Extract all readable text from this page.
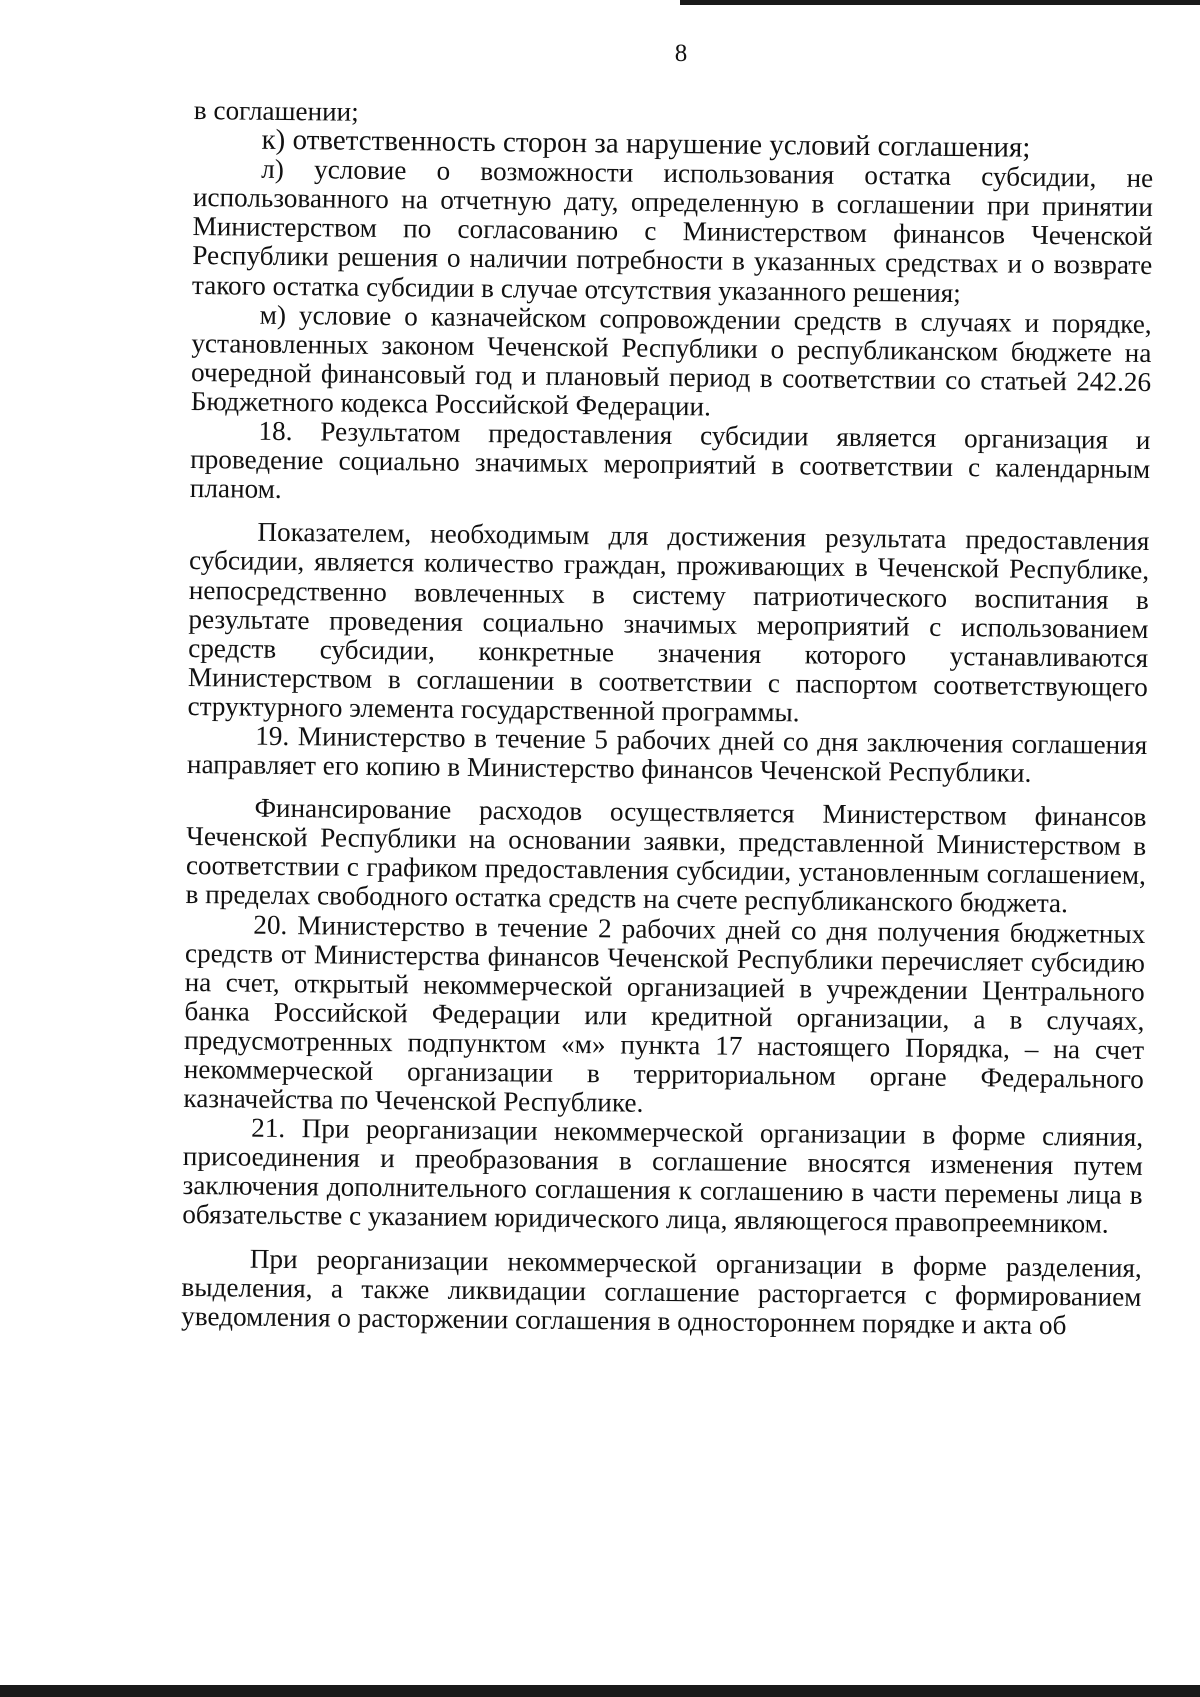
8

в соглашении;

к) ответственность сторон за нарушение условий соглашения;

л) условие о возможности использования остатка субсидии, не использованного на отчетную дату, определенную в соглашении при принятии Министерством по согласованию с Министерством финансов Чеченской Республики решения о наличии потребности в указанных средствах и о возврате такого остатка субсидии в случае отсутствия указанного решения;

м) условие о казначейском сопровождении средств в случаях и порядке, установленных законом Чеченской Республики о республиканском бюджете на очередной финансовый год и плановый период в соответствии со статьей 242.26 Бюджетного кодекса Российской Федерации.

18. Результатом предоставления субсидии является организация и проведение социально значимых мероприятий в соответствии с календарным планом.

Показателем, необходимым для достижения результата предоставления субсидии, является количество граждан, проживающих в Чеченской Республике, непосредственно вовлеченных в систему патриотического воспитания в результате проведения социально значимых мероприятий с использованием средств субсидии, конкретные значения которого устанавливаются Министерством в соглашении в соответствии с паспортом соответствующего структурного элемента государственной программы.

19. Министерство в течение 5 рабочих дней со дня заключения соглашения направляет его копию в Министерство финансов Чеченской Республики.

Финансирование расходов осуществляется Министерством финансов Чеченской Республики на основании заявки, представленной Министерством в соответствии с графиком предоставления субсидии, установленным соглашением, в пределах свободного остатка средств на счете республиканского бюджета.

20. Министерство в течение 2 рабочих дней со дня получения бюджетных средств от Министерства финансов Чеченской Республики перечисляет субсидию на счет, открытый некоммерческой организацией в учреждении Центрального банка Российской Федерации или кредитной организации, а в случаях, предусмотренных подпунктом «м» пункта 17 настоящего Порядка, – на счет некоммерческой организации в территориальном органе Федерального казначейства по Чеченской Республике.

21. При реорганизации некоммерческой организации в форме слияния, присоединения и преобразования в соглашение вносятся изменения путем заключения дополнительного соглашения к соглашению в части перемены лица в обязательстве с указанием юридического лица, являющегося правопреемником.

При реорганизации некоммерческой организации в форме разделения, выделения, а также ликвидации соглашение расторгается с формированием уведомления о расторжении соглашения в одностороннем порядке и акта об
